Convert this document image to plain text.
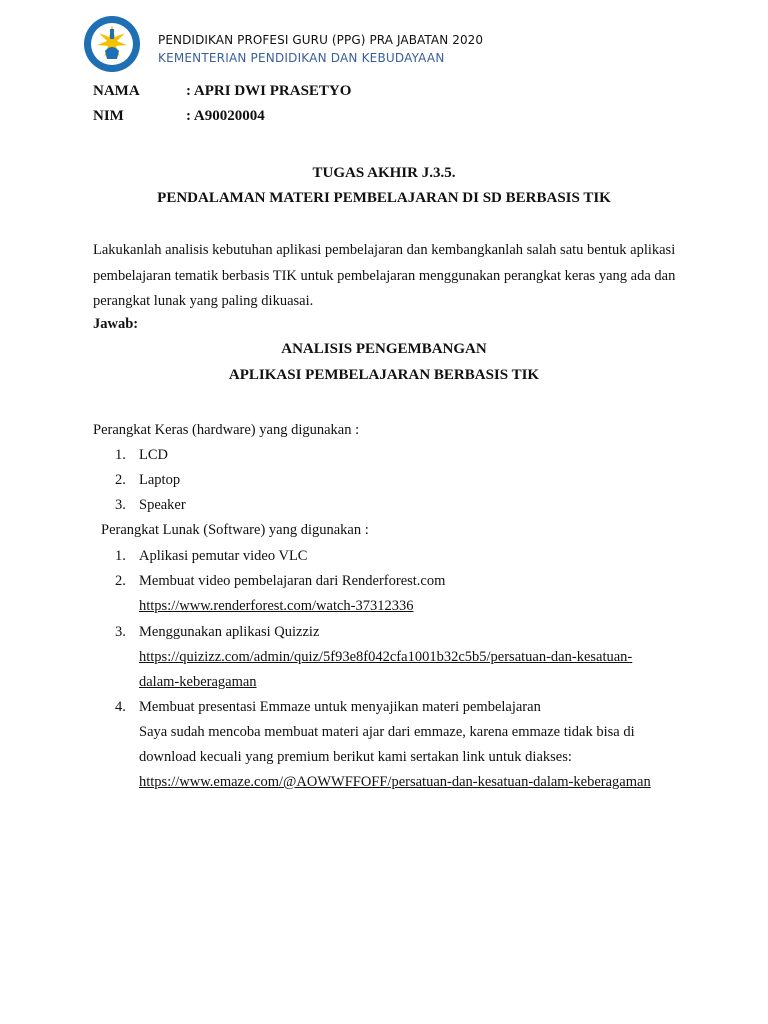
PENDIDIKAN PROFESI GURU (PPG) PRA JABATAN 2020
KEMENTERIAN PENDIDIKAN DAN KEBUDAYAAN
NAMA	: APRI DWI PRASETYO
NIM	: A90020004
TUGAS AKHIR J.3.5.
PENDALAMAN MATERI PEMBELAJARAN DI SD BERBASIS TIK
Lakukanlah analisis kebutuhan aplikasi pembelajaran dan kembangkanlah salah satu bentuk aplikasi pembelajaran tematik berbasis TIK untuk pembelajaran menggunakan perangkat keras yang ada dan perangkat lunak yang paling dikuasai.
Jawab:
ANALISIS PENGEMBANGAN
APLIKASI PEMBELAJARAN BERBASIS TIK
Perangkat Keras (hardware) yang digunakan :
1. LCD
2. Laptop
3. Speaker
Perangkat Lunak (Software) yang digunakan :
1. Aplikasi pemutar video VLC
2. Membuat video pembelajaran dari Renderforest.com
https://www.renderforest.com/watch-37312336
3. Menggunakan aplikasi Quizziz
https://quizizz.com/admin/quiz/5f93e8f042cfa1001b32c5b5/persatuan-dan-kesatuan-
dalam-keberagaman
4. Membuat presentasi Emmaze untuk menyajikan materi pembelajaran
Saya sudah mencoba membuat materi ajar dari emmaze, karena emmaze tidak bisa di
download kecuali yang premium berikut kami sertakan link untuk diakses:
https://www.emaze.com/@AOWWFFOFF/persatuan-dan-kesatuan-dalam-keberagaman
